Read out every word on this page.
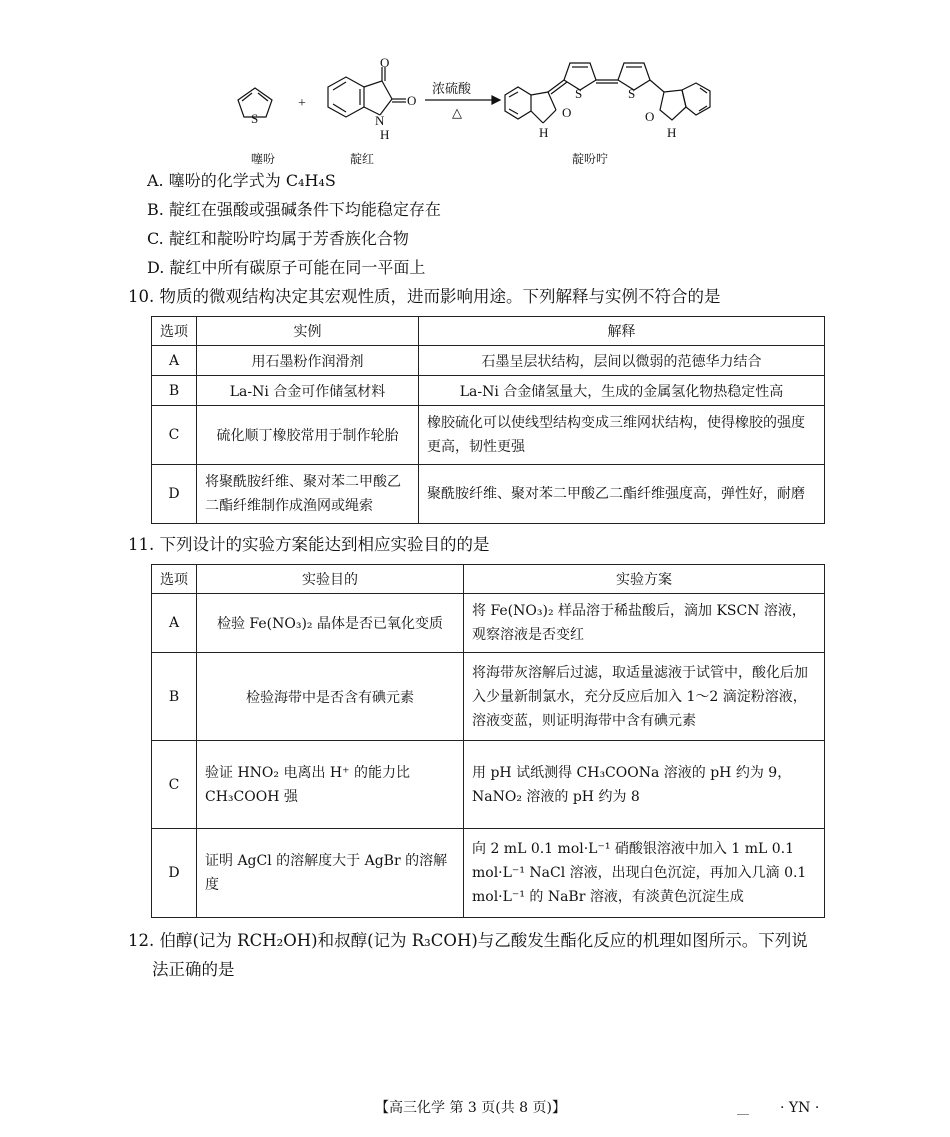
S
+
O
O
N
H
浓硫酸
△
S	S
O	O
H	H
噻吩	靛红	靛吩咛
A. 噻吩的化学式为 C₄H₄S
B. 靛红在强酸或强碱条件下均能稳定存在
C. 靛红和靛吩咛均属于芳香族化合物
D. 靛红中所有碳原子可能在同一平面上
10. 物质的微观结构决定其宏观性质，进而影响用途。下列解释与实例不符合的是
选项	实例	解释
A	用石墨粉作润滑剂	石墨呈层状结构，层间以微弱的范德华力结合
B	La-Ni 合金可作储氢材料	La-Ni 合金储氢量大，生成的金属氢化物热稳定性高
C	硫化顺丁橡胶常用于制作轮胎	橡胶硫化可以使线型结构变成三维网状结构，使得橡胶的强度更高，韧性更强
D	将聚酰胺纤维、聚对苯二甲酸乙二酯纤维制作成渔网或绳索	聚酰胺纤维、聚对苯二甲酸乙二酯纤维强度高，弹性好，耐磨
11. 下列设计的实验方案能达到相应实验目的的是
选项	实验目的	实验方案
A	检验 Fe(NO₃)₂ 晶体是否已氧化变质	将 Fe(NO₃)₂ 样品溶于稀盐酸后，滴加 KSCN 溶液，观察溶液是否变红
B	检验海带中是否含有碘元素	将海带灰溶解后过滤，取适量滤液于试管中，酸化后加入少量新制氯水，充分反应后加入 1～2 滴淀粉溶液，溶液变蓝，则证明海带中含有碘元素
C	验证 HNO₂ 电离出 H⁺ 的能力比 CH₃COOH 强	用 pH 试纸测得 CH₃COONa 溶液的 pH 约为 9，NaNO₂ 溶液的 pH 约为 8
D	证明 AgCl 的溶解度大于 AgBr 的溶解度	向 2 mL 0.1 mol·L⁻¹ 硝酸银溶液中加入 1 mL 0.1 mol·L⁻¹ NaCl 溶液，出现白色沉淀，再加入几滴 0.1 mol·L⁻¹ 的 NaBr 溶液，有淡黄色沉淀生成
12. 伯醇(记为 RCH₂OH)和叔醇(记为 R₃COH)与乙酸发生酯化反应的机理如图所示。下列说
法正确的是
【高三化学 第 3 页(共 8 页)】	__ · YN ·
